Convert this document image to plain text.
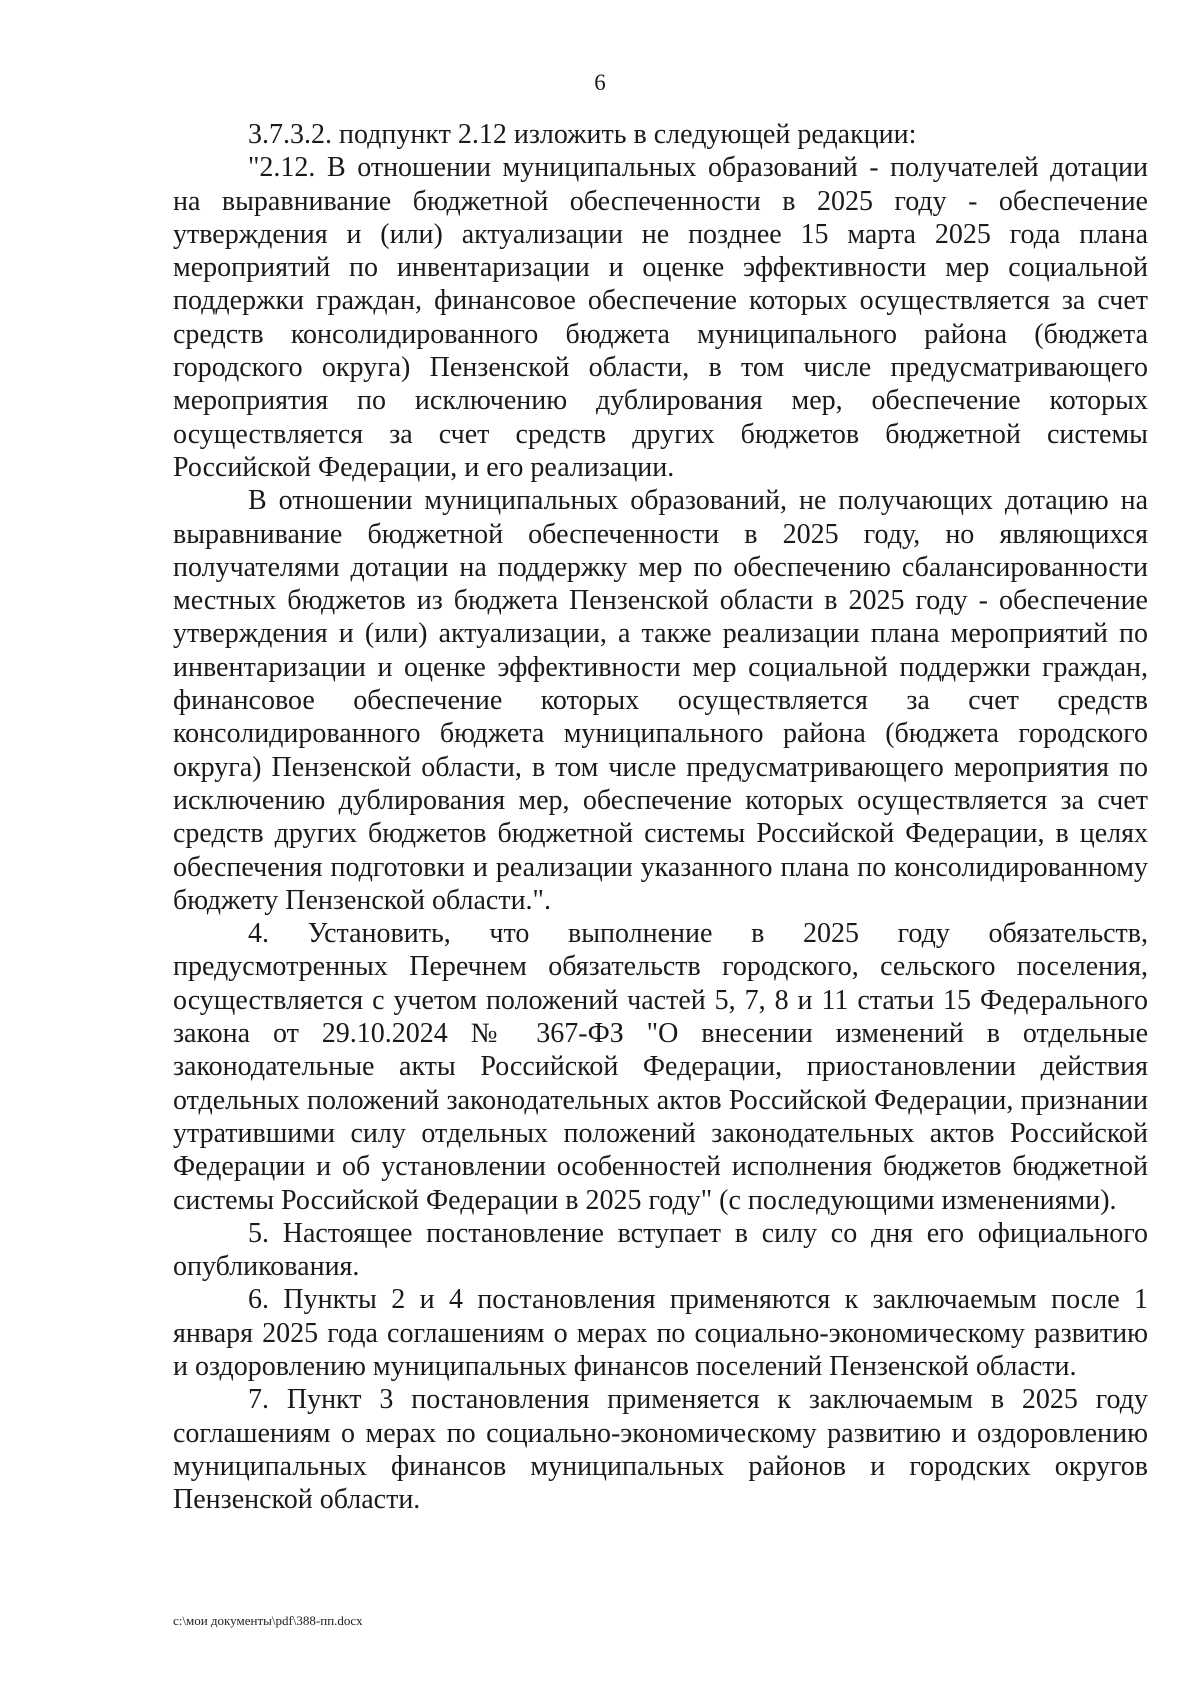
6

3.7.3.2. подпункт 2.12 изложить в следующей редакции:

"2.12. В отношении муниципальных образований - получателей дотации на выравнивание бюджетной обеспеченности в 2025 году - обеспечение утверждения и (или) актуализации не позднее 15 марта 2025 года плана мероприятий по инвентаризации и оценке эффективности мер социальной поддержки граждан, финансовое обеспечение которых осуществляется за счет средств консолидированного бюджета муниципального района (бюджета городского округа) Пензенской области, в том числе предусматривающего мероприятия по исключению дублирования мер, обеспечение которых осуществляется за счет средств других бюджетов бюджетной системы Российской Федерации, и его реализации.

В отношении муниципальных образований, не получающих дотацию на выравнивание бюджетной обеспеченности в 2025 году, но являющихся получателями дотации на поддержку мер по обеспечению сбалансированности местных бюджетов из бюджета Пензенской области в 2025 году - обеспечение утверждения и (или) актуализации, а также реализации плана мероприятий по инвентаризации и оценке эффективности мер социальной поддержки граждан, финансовое обеспечение которых осуществляется за счет средств консолидированного бюджета муниципального района (бюджета городского округа) Пензенской области, в том числе предусматривающего мероприятия по исключению дублирования мер, обеспечение которых осуществляется за счет средств других бюджетов бюджетной системы Российской Федерации, в целях обеспечения подготовки и реализации указанного плана по консолидированному бюджету Пензенской области.".

4. Установить, что выполнение в 2025 году обязательств, предусмотренных Перечнем обязательств городского, сельского поселения, осуществляется с учетом положений частей 5, 7, 8 и 11 статьи 15 Федерального закона от 29.10.2024 № 367-ФЗ "О внесении изменений в отдельные законодательные акты Российской Федерации, приостановлении действия отдельных положений законодательных актов Российской Федерации, признании утратившими силу отдельных положений законодательных актов Российской Федерации и об установлении особенностей исполнения бюджетов бюджетной системы Российской Федерации в 2025 году" (с последующими изменениями).

5. Настоящее постановление вступает в силу со дня его официального опубликования.

6. Пункты 2 и 4 постановления применяются к заключаемым после 1 января 2025 года соглашениям о мерах по социально-экономическому развитию и оздоровлению муниципальных финансов поселений Пензенской области.

7. Пункт 3 постановления применяется к заключаемым в 2025 году соглашениям о мерах по социально-экономическому развитию и оздоровлению муниципальных финансов муниципальных районов и городских округов Пензенской области.

c:\мои документы\pdf\388-пп.docx
